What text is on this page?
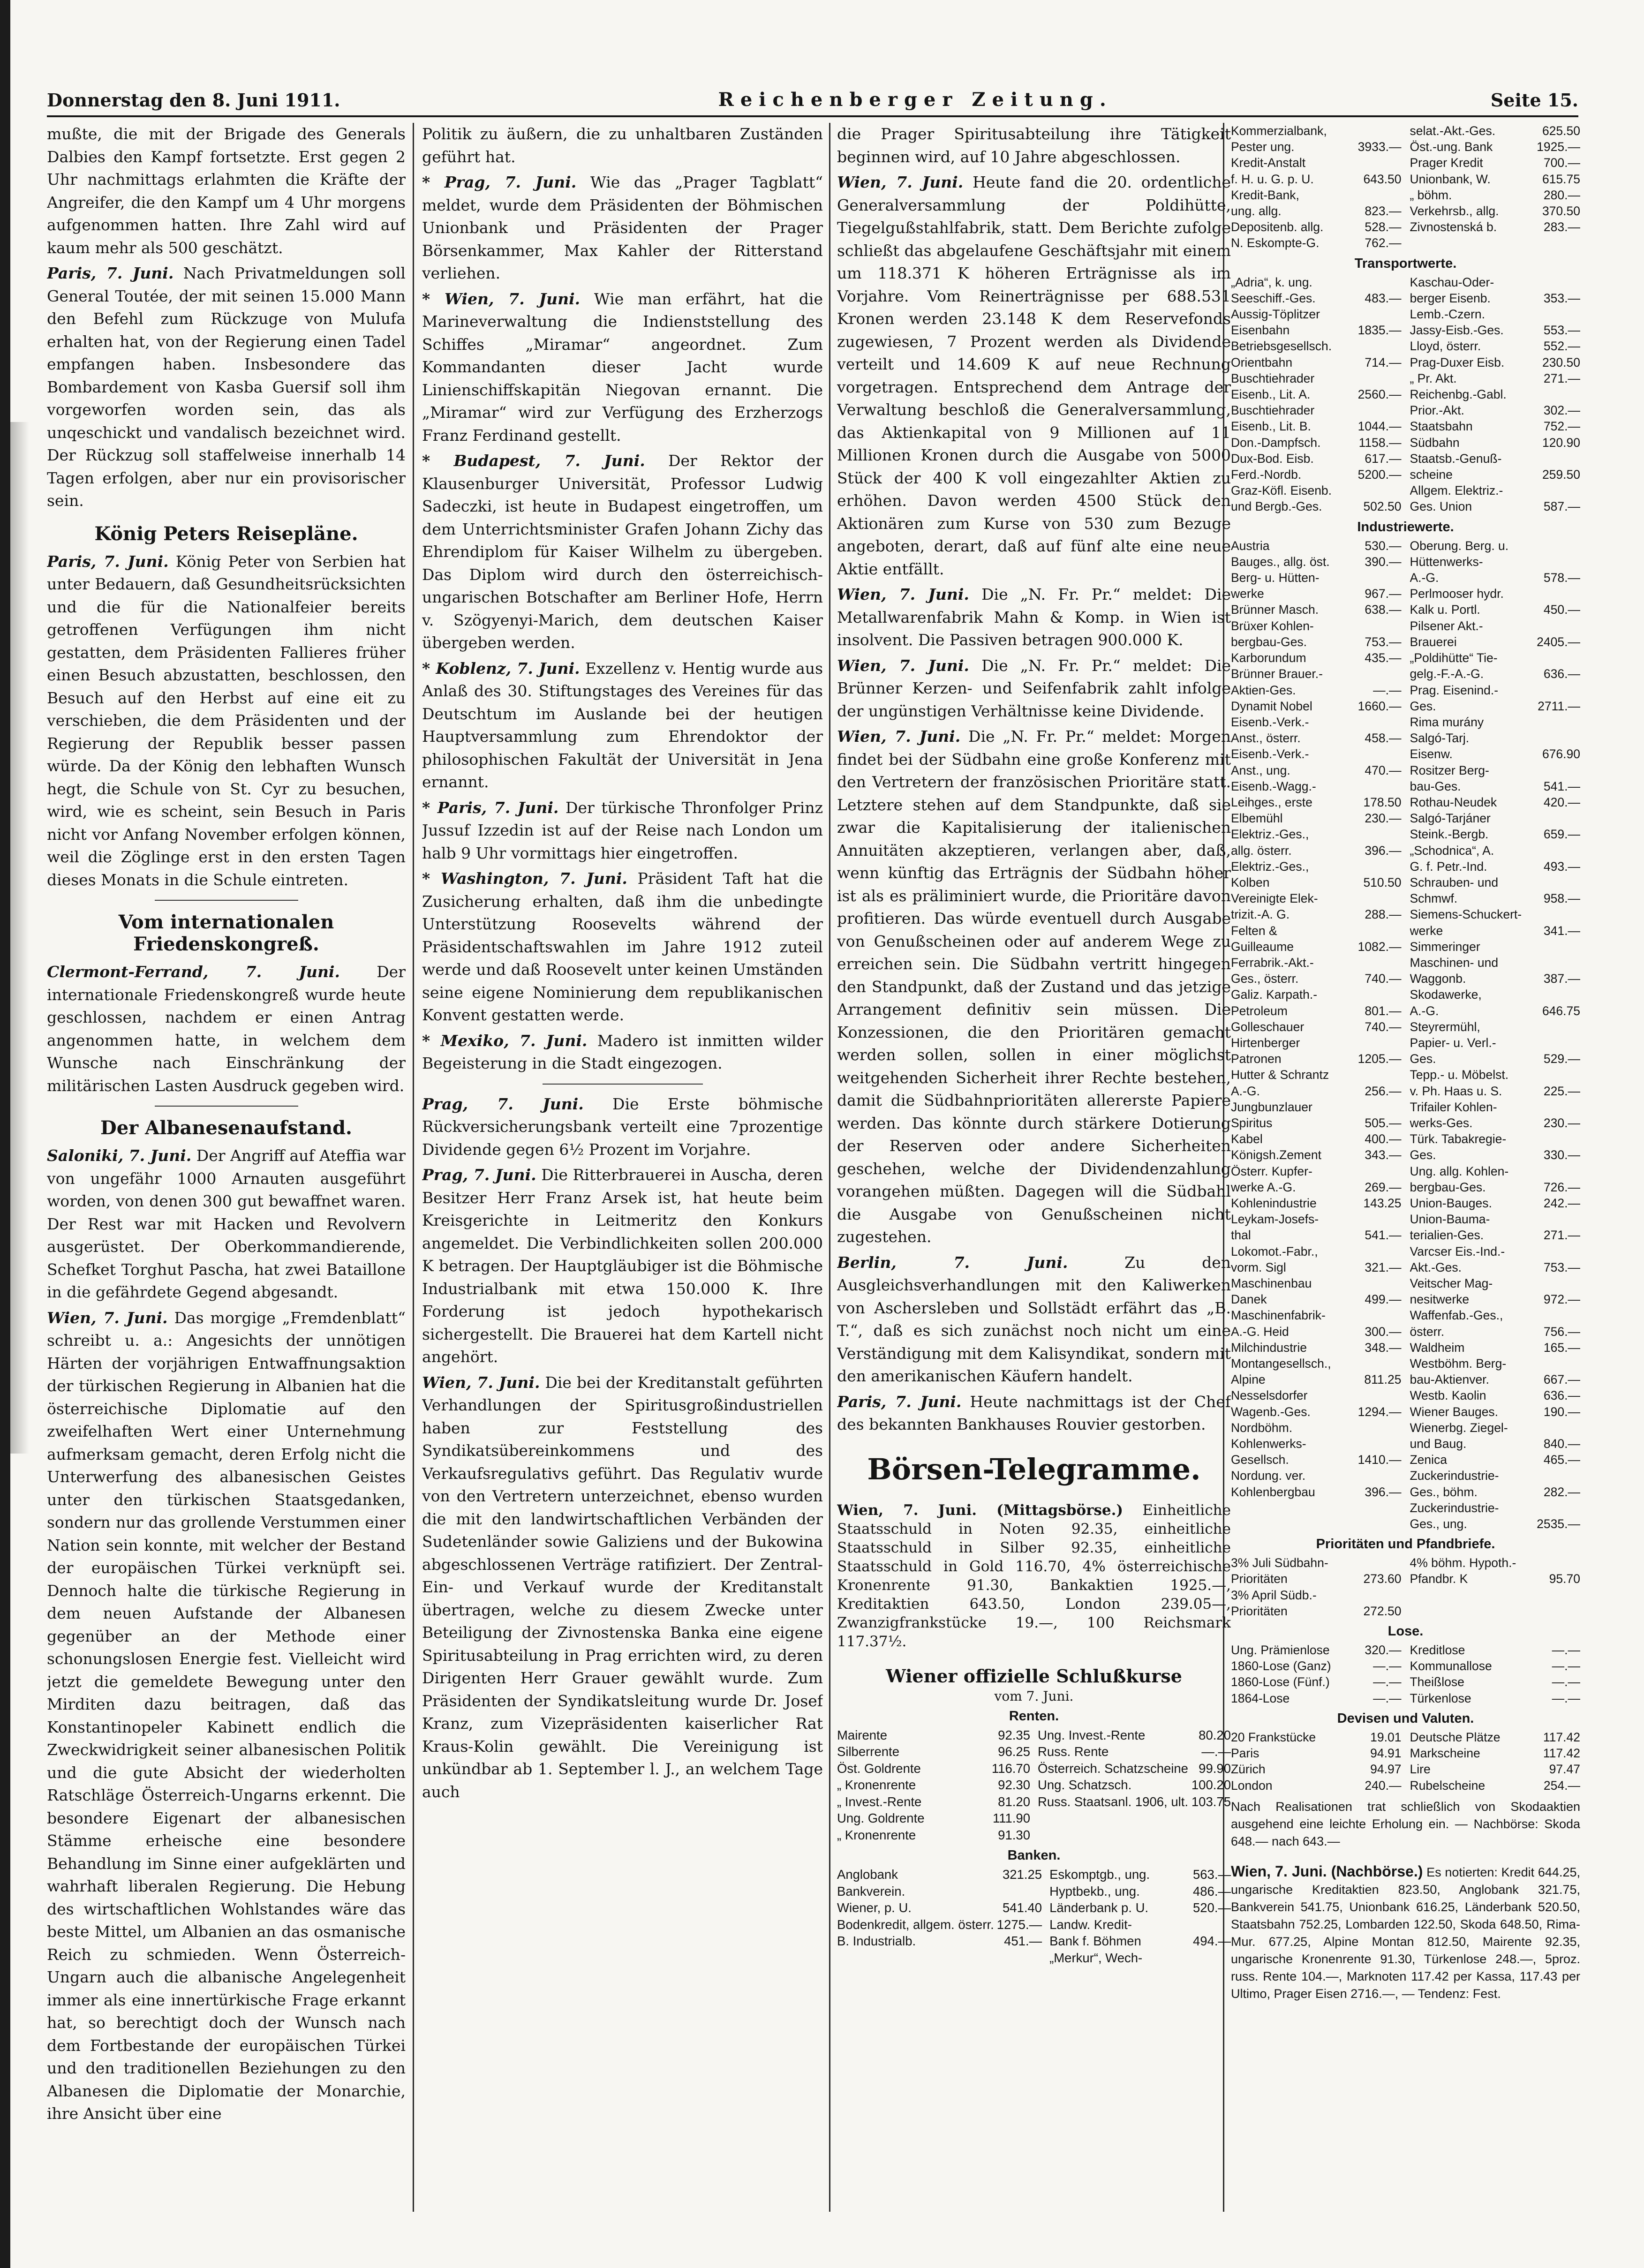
Donnerstag den 8. Juni 1911.	Reichenberger Zeitung.	Seite 15.

mußte, die mit der Brigade des Generals Dalbies den Kampf fortsetzte. Erst gegen 2 Uhr nachmittags erlahmten die Kräfte der Angreifer, die den Kampf um 4 Uhr morgens aufgenommen hatten. Ihre Zahl wird auf kaum mehr als 500 geschätzt.

Paris, 7. Juni. Nach Privatmeldungen soll General Toutée, der mit seinen 15.000 Mann den Befehl zum Rückzuge von Mulufa erhalten hat, von der Regierung einen Tadel empfangen haben. Insbesondere das Bombardement von Kasba Guersif soll ihm vorgeworfen worden sein, das als unqeschickt und vandalisch bezeichnet wird. Der Rückzug soll staffelweise innerhalb 14 Tagen erfolgen, aber nur ein provisorischer sein.

König Peters Reisepläne.

Paris, 7. Juni. König Peter von Serbien hat unter Bedauern, daß Gesundheitsrücksichten und die für die Nationalfeier bereits getroffenen Verfügungen ihm nicht gestatten, dem Präsidenten Fallieres früher einen Besuch abzustatten, beschlossen, den Besuch auf den Herbst auf eine eit zu verschieben, die dem Präsidenten und der Regierung der Republik besser passen würde. Da der König den lebhaften Wunsch hegt, die Schule von St. Cyr zu besuchen, wird, wie es scheint, sein Besuch in Paris nicht vor Anfang November erfolgen können, weil die Zöglinge erst in den ersten Tagen dieses Monats in die Schule eintreten.

Vom internationalen Friedenskongreß.

Clermont-Ferrand, 7. Juni. Der internationale Friedenskongreß wurde heute geschlossen, nachdem er einen Antrag angenommen hatte, in welchem dem Wunsche nach Einschränkung der militärischen Lasten Ausdruck gegeben wird.

Der Albanesenaufstand.

Saloniki, 7. Juni. Der Angriff auf Ateffia war von ungefähr 1000 Arnauten ausgeführt worden, von denen 300 gut bewaffnet waren. Der Rest war mit Hacken und Revolvern ausgerüstet. Der Oberkommandierende, Schefket Torghut Pascha, hat zwei Bataillone in die gefährdete Gegend abgesandt.

Wien, 7. Juni. Das morgige „Fremdenblatt“ schreibt u. a.: Angesichts der unnötigen Härten der vorjährigen Entwaffnungsaktion der türkischen Regierung in Albanien hat die österreichische Diplomatie auf den zweifelhaften Wert einer Unternehmung aufmerksam gemacht, deren Erfolg nicht die Unterwerfung des albanesischen Geistes unter den türkischen Staatsgedanken, sondern nur das grollende Verstummen einer Nation sein konnte, mit welcher der Bestand der europäischen Türkei verknüpft sei. Dennoch halte die türkische Regierung in dem neuen Aufstande der Albanesen gegenüber an der Methode einer schonungslosen Energie fest. Vielleicht wird jetzt die gemeldete Bewegung unter den Mirditen dazu beitragen, daß das Konstantinopeler Kabinett endlich die Zweckwidrigkeit seiner albanesischen Politik und die gute Absicht der wiederholten Ratschläge Österreich-Ungarns erkennt. Die besondere Eigenart der albanesischen Stämme erheische eine besondere Behandlung im Sinne einer aufgeklärten und wahrhaft liberalen Regierung. Die Hebung des wirtschaftlichen Wohlstandes wäre das beste Mittel, um Albanien an das osmanische Reich zu schmieden. Wenn Österreich-Ungarn auch die albanische Angelegenheit immer als eine innertürkische Frage erkannt hat, so berechtigt doch der Wunsch nach dem Fortbestande der europäischen Türkei und den traditionellen Beziehungen zu den Albanesen die Diplomatie der Monarchie, ihre Ansicht über eine

Politik zu äußern, die zu unhaltbaren Zuständen geführt hat.

* Prag, 7. Juni. Wie das „Prager Tagblatt“ meldet, wurde dem Präsidenten der Böhmischen Unionbank und Präsidenten der Prager Börsenkammer, Max Kahler der Ritterstand verliehen.

* Wien, 7. Juni. Wie man erfährt, hat die Marineverwaltung die Indienststellung des Schiffes „Miramar“ angeordnet. Zum Kommandanten dieser Jacht wurde Linienschiffskapitän Niegovan ernannt. Die „Miramar“ wird zur Verfügung des Erzherzogs Franz Ferdinand gestellt.

* Budapest, 7. Juni. Der Rektor der Klausenburger Universität, Professor Ludwig Sadeczki, ist heute in Budapest eingetroffen, um dem Unterrichtsminister Grafen Johann Zichy das Ehrendiplom für Kaiser Wilhelm zu übergeben. Das Diplom wird durch den österreichisch-ungarischen Botschafter am Berliner Hofe, Herrn v. Szögyenyi-Marich, dem deutschen Kaiser übergeben werden.

* Koblenz, 7. Juni. Exzellenz v. Hentig wurde aus Anlaß des 30. Stiftungstages des Vereines für das Deutschtum im Auslande bei der heutigen Hauptversammlung zum Ehrendoktor der philosophischen Fakultät der Universität in Jena ernannt.

* Paris, 7. Juni. Der türkische Thronfolger Prinz Jussuf Izzedin ist auf der Reise nach London um halb 9 Uhr vormittags hier eingetroffen.

* Washington, 7. Juni. Präsident Taft hat die Zusicherung erhalten, daß ihm die unbedingte Unterstützung Roosevelts während der Präsidentschaftswahlen im Jahre 1912 zuteil werde und daß Roosevelt unter keinen Umständen seine eigene Nominierung dem republikanischen Konvent gestatten werde.

* Mexiko, 7. Juni. Madero ist inmitten wilder Begeisterung in die Stadt eingezogen.

Prag, 7. Juni. Die Erste böhmische Rückversicherungsbank verteilt eine 7prozentige Dividende gegen 6½ Prozent im Vorjahre.

Prag, 7. Juni. Die Ritterbrauerei in Auscha, deren Besitzer Herr Franz Arsek ist, hat heute beim Kreisgerichte in Leitmeritz den Konkurs angemeldet. Die Verbindlichkeiten sollen 200.000 K betragen. Der Hauptgläubiger ist die Böhmische Industrialbank mit etwa 150.000 K. Ihre Forderung ist jedoch hypothekarisch sichergestellt. Die Brauerei hat dem Kartell nicht angehört.

Wien, 7. Juni. Die bei der Kreditanstalt geführten Verhandlungen der Spiritusgroßindustriellen haben zur Feststellung des Syndikatsübereinkommens und des Verkaufsregulativs geführt. Das Regulativ wurde von den Vertretern unterzeichnet, ebenso wurden die mit den landwirtschaftlichen Verbänden der Sudetenländer sowie Galiziens und der Bukowina abgeschlossenen Verträge ratifiziert. Der Zentral-Ein- und Verkauf wurde der Kreditanstalt übertragen, welche zu diesem Zwecke unter Beteiligung der Zivnostenska Banka eine eigene Spiritusabteilung in Prag errichten wird, zu deren Dirigenten Herr Grauer gewählt wurde. Zum Präsidenten der Syndikatsleitung wurde Dr. Josef Kranz, zum Vizepräsidenten kaiserlicher Rat Kraus-Kolin gewählt. Die Vereinigung ist unkündbar ab 1. September l. J., an welchem Tage auch

die Prager Spiritusabteilung ihre Tätigkeit beginnen wird, auf 10 Jahre abgeschlossen.

Wien, 7. Juni. Heute fand die 20. ordentliche Generalversammlung der Poldihütte, Tiegelgußstahlfabrik, statt. Dem Berichte zufolge schließt das abgelaufene Geschäftsjahr mit einem um 118.371 K höheren Erträgnisse als im Vorjahre. Vom Reinerträgnisse per 688.531 Kronen werden 23.148 K dem Reservefonds zugewiesen, 7 Prozent werden als Dividende verteilt und 14.609 K auf neue Rechnung vorgetragen. Entsprechend dem Antrage der Verwaltung beschloß die Generalversammlung, das Aktienkapital von 9 Millionen auf 11 Millionen Kronen durch die Ausgabe von 5000 Stück der 400 K voll eingezahlter Aktien zu erhöhen. Davon werden 4500 Stück den Aktionären zum Kurse von 530 zum Bezuge angeboten, derart, daß auf fünf alte eine neue Aktie entfällt.

Wien, 7. Juni. Die „N. Fr. Pr.“ meldet: Die Metallwarenfabrik Mahn & Komp. in Wien ist insolvent. Die Passiven betragen 900.000 K.

Wien, 7. Juni. Die „N. Fr. Pr.“ meldet: Die Brünner Kerzen- und Seifenfabrik zahlt infolge der ungünstigen Verhältnisse keine Dividende.

Wien, 7. Juni. Die „N. Fr. Pr.“ meldet: Morgen findet bei der Südbahn eine große Konferenz mit den Vertretern der französischen Prioritäre statt. Letztere stehen auf dem Standpunkte, daß sie zwar die Kapitalisierung der italienischen Annuitäten akzeptieren, verlangen aber, daß, wenn künftig das Erträgnis der Südbahn höher ist als es präliminiert wurde, die Prioritäre davon profitieren. Das würde eventuell durch Ausgabe von Genußscheinen oder auf anderem Wege zu erreichen sein. Die Südbahn vertritt hingegen den Standpunkt, daß der Zustand und das jetzige Arrangement definitiv sein müssen. Die Konzessionen, die den Prioritären gemacht werden sollen, sollen in einer möglichst weitgehenden Sicherheit ihrer Rechte bestehen, damit die Südbahnprioritäten allererste Papiere werden. Das könnte durch stärkere Dotierung der Reserven oder andere Sicherheiten geschehen, welche der Dividendenzahlung vorangehen müßten. Dagegen will die Südbahl die Ausgabe von Genußscheinen nicht zugestehen.

Berlin, 7. Juni. Zu den Ausgleichsverhandlungen mit den Kaliwerken von Aschersleben und Sollstädt erfährt das „B. T.“, daß es sich zunächst noch nicht um eine Verständigung mit dem Kalisyndikat, sondern mit den amerikanischen Käufern handelt.

Paris, 7. Juni. Heute nachmittags ist der Chef des bekannten Bankhauses Rouvier gestorben.

Börsen-Telegramme.

Wien, 7. Juni. (Mittagsbörse.) Einheitliche Staatsschuld in Noten 92.35, einheitliche Staatsschuld in Silber 92.35, einheitliche Staatsschuld in Gold 116.70, 4% österreichische Kronenrente 91.30, Bankaktien 1925.—, Kreditaktien 643.50, London 239.05—, Zwanzigfrankstücke 19.—, 100 Reichsmark 117.37½.

Wiener offizielle Schlußkurse
vom 7. Juni.
Renten.
Mairente	92.35
Silberrente	96.25
Öst. Goldrente	116.70
„ Kronenrente	92.30
„ Invest.-Rente	81.20
Ung. Goldrente	111.90
„ Kronenrente	91.30
Ung. Invest.-Rente	80.20
Russ. Rente	—.—
Österreich. Schatzscheine 99.90
Ung. Schatzsch.	100.20
Russ. Staatsanl. 1906, ult. 103.75
Banken.
Anglobank	321.25
Bankverein.
Wiener, p. U.	541.40
Bodenkredit, allgem. österr. 1275.—
B. Industrialb.	451.—
Eskomptgb., ung.	563.—
Hyptbekb., ung.	486.—
Länderbank p. U.	520.—
Landw. Kredit-
Bank f. Böhmen	494.—
„Merkur“, Wech-
Kommerzialbank,
Pester ung.	3933.—
Kredit-Anstalt
f. H. u. G. p. U.	643.50
Kredit-Bank,
ung. allg.	823.—
Depositenb. allg.	528.—
N. Eskompte-G.	762.—
selat.-Akt.-Ges.	625.50
Öst.-ung. Bank	1925.—
Prager Kredit	700.—
Unionbank, W.	615.75
„ böhm.	280.—
Verkehrsb., allg.	370.50
Zivnostenská b.	283.—
Transportwerte.
„Adria“, k. ung.
Seeschiff.-Ges.	483.—
Aussig-Töplitzer
Eisenbahn	1835.—
Betriebsgesellsch.
Orientbahn	714.—
Buschtiehrader
Eisenb., Lit. A.	2560.—
Buschtiehrader
Eisenb., Lit. B.	1044.—
Don.-Dampfsch.	1158.—
Dux-Bod. Eisb.	617.—
Ferd.-Nordb.	5200.—
Graz-Köfl. Eisenb.
und Bergb.-Ges.	502.50
Kaschau-Oder-
berger Eisenb.	353.—
Lemb.-Czern.
Jassy-Eisb.-Ges.	553.—
Lloyd, österr.	552.—
Prag-Duxer Eisb.	230.50
„ Pr. Akt.	271.—
Reichenbg.-Gabl.
Prior.-Akt.	302.—
Staatsbahn	752.—
Südbahn	120.90
Staatsb.-Genuß-
scheine	259.50
Allgem. Elektriz.-
Ges. Union	587.—
Industriewerte.
Austria	530.—
Bauges., allg. öst.	390.—
Berg- u. Hütten-
werke	967.—
Brünner Masch.	638.—
Brüxer Kohlen-
bergbau-Ges.	753.—
Karborundum	435.—
Brünner Brauer.-
Aktien-Ges.	—.—
Dynamit Nobel	1660.—
Eisenb.-Verk.-
Anst., österr.	458.—
Eisenb.-Verk.-
Anst., ung.	470.—
Eisenb.-Wagg.-
Leihges., erste	178.50
Elbemühl	230.—
Elektriz.-Ges.,
allg. österr.	396.—
Elektriz.-Ges.,
Kolben	510.50
Vereinigte Elek-
trizit.-A. G.	288.—
Felten &
Guilleaume	1082.—
Ferrabrik.-Akt.-
Ges., österr.	740.—
Galiz. Karpath.-
Petroleum	801.—
Golleschauer	740.—
Hirtenberger
Patronen	1205.—
Hutter & Schrantz
A.-G.	256.—
Jungbunzlauer
Spiritus	505.—
Kabel	400.—
Königsh.Zement	343.—
Österr. Kupfer-
werke A.-G.	269.—
Kohlenindustrie	143.25
Leykam-Josefs-
thal	541.—
Lokomot.-Fabr.,
vorm. Sigl	321.—
Maschinenbau
Danek	499.—
Maschinenfabrik-
A.-G. Heid	300.—
Milchindustrie	348.—
Montangesellsch.,
Alpine	811.25
Nesselsdorfer
Wagenb.-Ges.	1294.—
Nordböhm.
Kohlenwerks-
Gesellsch.	1410.—
Nordung. ver.
Kohlenbergbau	396.—
Oberung. Berg. u.
Hüttenwerks-
A.-G.	578.—
Perlmooser hydr.
Kalk u. Portl.	450.—
Pilsener Akt.-
Brauerei	2405.—
„Poldihütte“ Tie-
gelg.-F.-A.-G.	636.—
Prag. Eisenind.-
Ges.	2711.—
Rima murány
Salgó-Tarj.
Eisenw.	676.90
Rositzer Berg-
bau-Ges.	541.—
Rothau-Neudek	420.—
Salgó-Tarjáner
Steink.-Bergb.	659.—
„Schodnica“, A.
G. f. Petr.-Ind.	493.—
Schrauben- und
Schmwf.	958.—
Siemens-Schuckert-
werke	341.—
Simmeringer
Maschinen- und
Waggonb.	387.—
Skodawerke,
A.-G.	646.75
Steyrermühl,
Papier- u. Verl.-
Ges.	529.—
Tepp.- u. Möbelst.
v. Ph. Haas u. S.	225.—
Trifailer Kohlen-
werks-Ges.	230.—
Türk. Tabakregie-
Ges.	330.—
Ung. allg. Kohlen-
bergbau-Ges.	726.—
Union-Bauges.	242.—
Union-Bauma-
terialien-Ges.	271.—
Varcser Eis.-Ind.-
Akt.-Ges.	753.—
Veitscher Mag-
nesitwerke	972.—
Waffenfab.-Ges.,
österr.	756.—
Waldheim	165.—
Westböhm. Berg-
bau-Aktienver.	667.—
Westb. Kaolin	636.—
Wiener Bauges.	190.—
Wienerbg. Ziegel-
und Baug.	840.—
Zenica	465.—
Zuckerindustrie-
Ges., böhm.	282.—
Zuckerindustrie-
Ges., ung.	2535.—
Prioritäten und Pfandbriefe.
3% Juli Südbahn-
Prioritäten	273.60
3% April Südb.-
Prioritäten	272.50
4% böhm. Hypoth.-
Pfandbr. K	95.70
Lose.
Ung. Prämienlose	320.—
1860-Lose (Ganz)	—.—
1860-Lose (Fünf.)	—.—
1864-Lose	—.—
Kreditlose	—.—
Kommunallose	—.—
Theißlose	—.—
Türkenlose	—.—
Devisen und Valuten.
20 Frankstücke	19.01
Paris	94.91
Zürich	94.97
London	240.—
Deutsche Plätze	117.42
Markscheine	117.42
Lire	97.47
Rubelscheine	254.—

Nach Realisationen trat schließlich von Skodaaktien ausgehend eine leichte Erholung ein. — Nachbörse: Skoda 648.— nach 643.—

Wien, 7. Juni. (Nachbörse.) Es notierten: Kredit 644.25, ungarische Kreditaktien 823.50, Anglobank 321.75, Bankverein 541.75, Unionbank 616.25, Länderbank 520.50, Staatsbahn 752.25, Lombarden 122.50, Skoda 648.50, Rima-Mur. 677.25, Alpine Montan 812.50, Mairente 92.35, ungarische Kronenrente 91.30, Türkenlose 248.—, 5proz. russ. Rente 104.—, Marknoten 117.42 per Kassa, 117.43 per Ultimo, Prager Eisen 2716.—, — Tendenz: Fest.
